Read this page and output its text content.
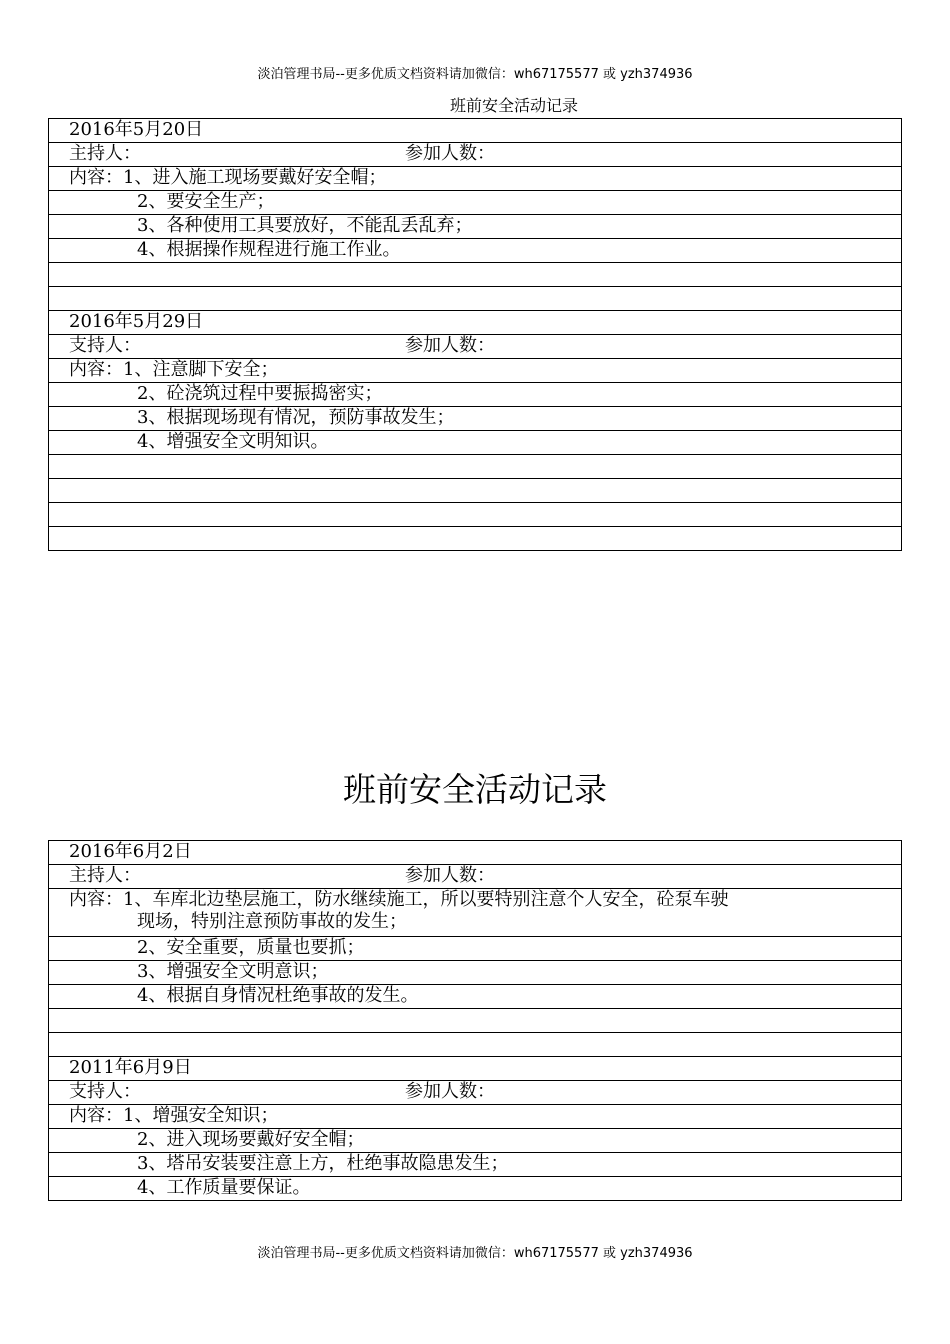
淡泊管理书局--更多优质文档资料请加微信：wh67175577 或 yzh374936
班前安全活动记录
2016年5月20日
主持人：	参加人数：

内容：1、进入施工现场要戴好安全帽；
2、要安全生产；
3、各种使用工具要放好，不能乱丢乱弃；
4、根据操作规程进行施工作业。

2016年5月29日
支持人：	参加人数：

内容：1、注意脚下安全；
2、砼浇筑过程中要振捣密实；
3、根据现场现有情况，预防事故发生；
4、增强安全文明知识。

班前安全活动记录
2016年6月2日
主持人：	参加人数：

内容：1、车库北边垫层施工，防水继续施工，所以要特别注意个人安全，砼泵车驶
现场，特别注意预防事故的发生；

2、安全重要，质量也要抓；
3、增强安全文明意识；
4、根据自身情况杜绝事故的发生。

2011年6月9日
支持人：	参加人数：

内容：1、增强安全知识；
2、进入现场要戴好安全帽；
3、塔吊安装要注意上方，杜绝事故隐患发生；
4、工作质量要保证。
淡泊管理书局--更多优质文档资料请加微信：wh67175577 或 yzh374936
